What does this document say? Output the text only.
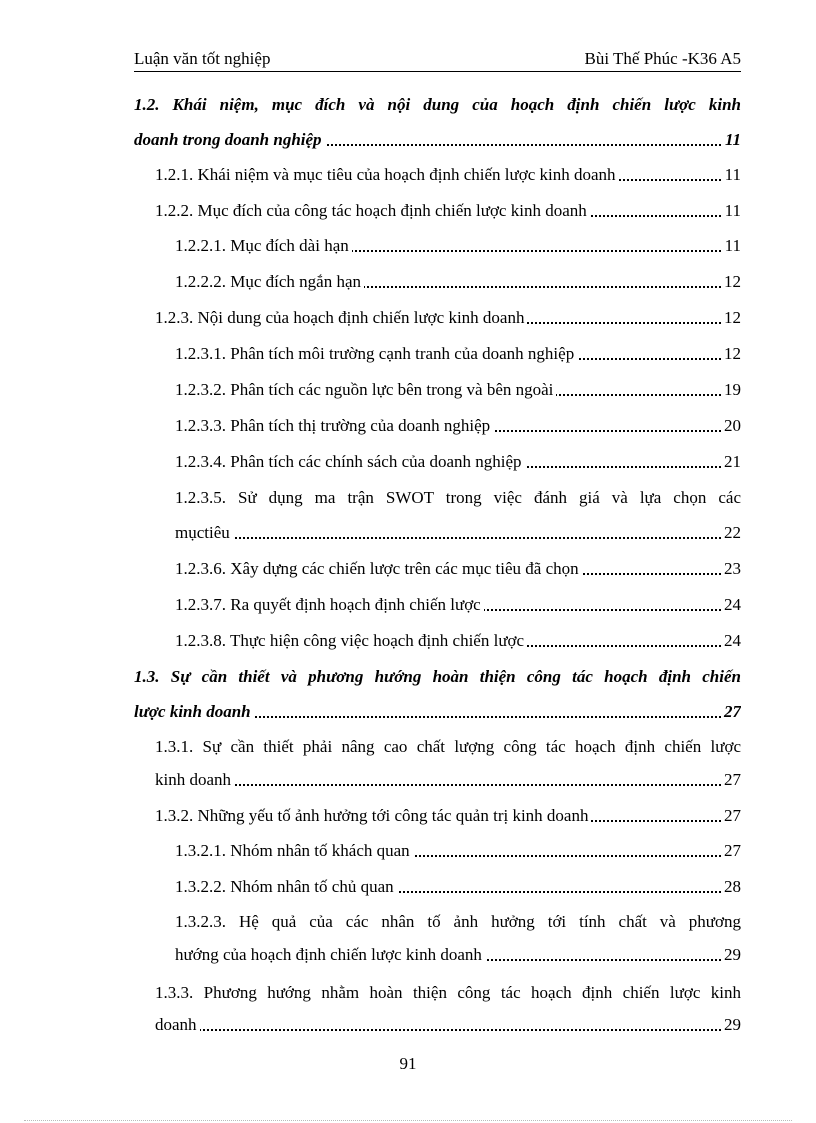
Luận văn tốt nghiệp	Bùi Thế Phúc -K36 A5
1.2. Khái niệm, mục đích và nội dung của hoạch định chiến lược kinh
doanh trong doanh nghiệp	11
1.2.1. Khái niệm và mục tiêu của hoạch định chiến lược kinh doanh	11
1.2.2. Mục đích của công tác hoạch định chiến lược kinh doanh	11
1.2.2.1. Mục đích dài hạn	11
1.2.2.2. Mục đích ngắn hạn	12
1.2.3. Nội dung của hoạch định chiến lược kinh doanh	12
1.2.3.1. Phân tích môi trường cạnh tranh của doanh nghiệp	12
1.2.3.2. Phân tích các nguồn lực bên trong và bên ngoài	19
1.2.3.3. Phân tích thị trường của doanh nghiệp	20
1.2.3.4. Phân tích các chính sách của doanh nghiệp	21
1.2.3.5. Sử dụng ma trận SWOT trong việc đánh giá và lựa chọn các
mụctiêu	22
1.2.3.6. Xây dựng các chiến lược trên các mục tiêu đã chọn	23
1.2.3.7. Ra quyết định hoạch định chiến lược	24
1.2.3.8. Thực hiện công việc hoạch định chiến lược	24
1.3. Sự cần thiết và phương hướng hoàn thiện công tác hoạch định chiến
lược kinh doanh	27
1.3.1. Sự cần thiết phải nâng cao chất lượng công tác hoạch định chiến lược
kinh doanh	27
1.3.2. Những yếu tố ảnh hưởng tới công tác quản trị kinh doanh	27
1.3.2.1. Nhóm nhân tố khách quan	27
1.3.2.2. Nhóm nhân tố chủ quan	28
1.3.2.3. Hệ quả của các nhân tố ảnh hưởng tới tính chất và phương
hướng của hoạch định chiến lược kinh doanh	29
1.3.3. Phương hướng nhằm hoàn thiện công tác hoạch định chiến lược kinh
doanh	29
91
